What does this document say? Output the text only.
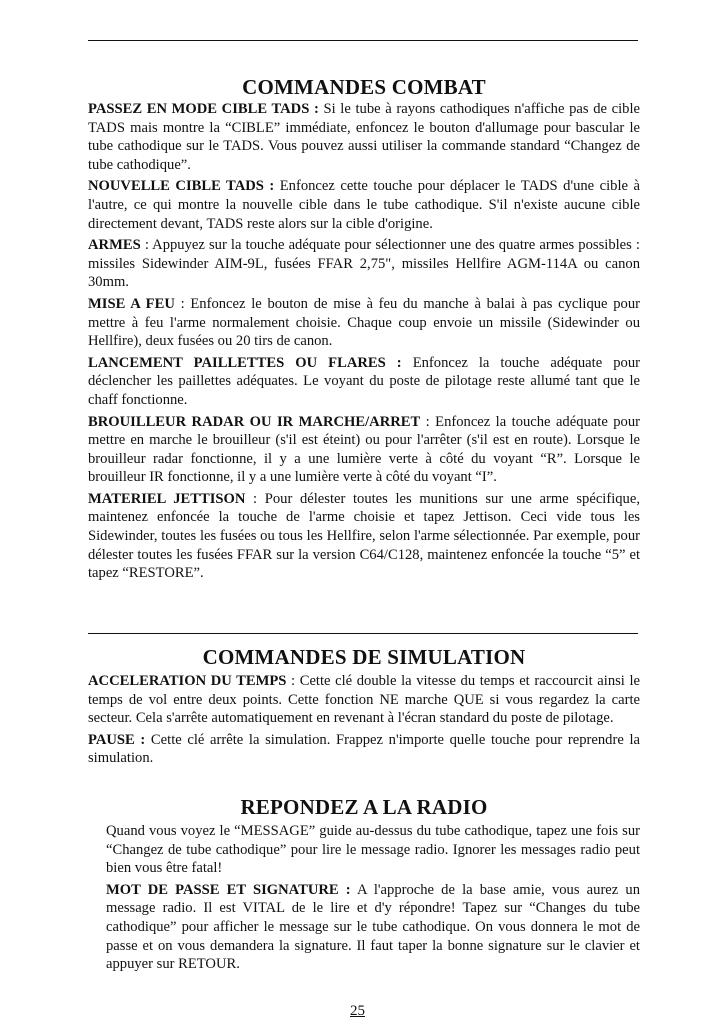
COMMANDES COMBAT

PASSEZ EN MODE CIBLE TADS : Si le tube à rayons cathodiques n'affiche pas de cible TADS mais montre la “CIBLE” immédiate, enfoncez le bouton d'allumage pour bascular le tube cathodique sur le TADS. Vous pouvez aussi utiliser la commande standard “Changez de tube cathodique”.

NOUVELLE CIBLE TADS : Enfoncez cette touche pour déplacer le TADS d'une cible à l'autre, ce qui montre la nouvelle cible dans le tube cathodique. S'il n'existe aucune cible directement devant, TADS reste alors sur la cible d'origine.

ARMES : Appuyez sur la touche adéquate pour sélectionner une des quatre armes possibles : missiles Sidewinder AIM-9L, fusées FFAR 2,75", missiles Hellfire AGM-114A ou canon 30mm.

MISE A FEU : Enfoncez le bouton de mise à feu du manche à balai à pas cyclique pour mettre à feu l'arme normalement choisie. Chaque coup envoie un missile (Sidewinder ou Hellfire), deux fusées ou 20 tirs de canon.

LANCEMENT PAILLETTES OU FLARES : Enfoncez la touche adéquate pour déclencher les paillettes adéquates. Le voyant du poste de pilotage reste allumé tant que le chaff fonctionne.

BROUILLEUR RADAR OU IR MARCHE/ARRET : Enfoncez la touche adéquate pour mettre en marche le brouilleur (s'il est éteint) ou pour l'arrêter (s'il est en route). Lorsque le brouilleur radar fonctionne, il y a une lumière verte à côté du voyant “R”. Lorsque le brouilleur IR fonctionne, il y a une lumière verte à côté du voyant “I”.

MATERIEL JETTISON : Pour délester toutes les munitions sur une arme spécifique, maintenez enfoncée la touche de l'arme choisie et tapez Jettison. Ceci vide tous les Sidewinder, toutes les fusées ou tous les Hellfire, selon l'arme sélectionnée. Par exemple, pour délester toutes les fusées FFAR sur la version C64/C128, maintenez enfoncée la touche “5” et tapez “RESTORE”.

COMMANDES DE SIMULATION

ACCELERATION DU TEMPS : Cette clé double la vitesse du temps et raccourcit ainsi le temps de vol entre deux points. Cette fonction NE marche QUE si vous regardez la carte secteur. Cela s'arrête automatiquement en revenant à l'écran standard du poste de pilotage.

PAUSE : Cette clé arrête la simulation. Frappez n'importe quelle touche pour reprendre la simulation.

REPONDEZ A LA RADIO

Quand vous voyez le “MESSAGE” guide au-dessus du tube cathodique, tapez une fois sur “Changez de tube cathodique” pour lire le message radio. Ignorer les messages radio peut bien vous être fatal!

MOT DE PASSE ET SIGNATURE : A l'approche de la base amie, vous aurez un message radio. Il est VITAL de le lire et d'y répondre! Tapez sur “Changes du tube cathodique” pour afficher le message sur le tube cathodique. On vous donnera le mot de passe et on vous demandera la signature. Il faut taper la bonne signature sur le clavier et appuyer sur RETOUR.

25
